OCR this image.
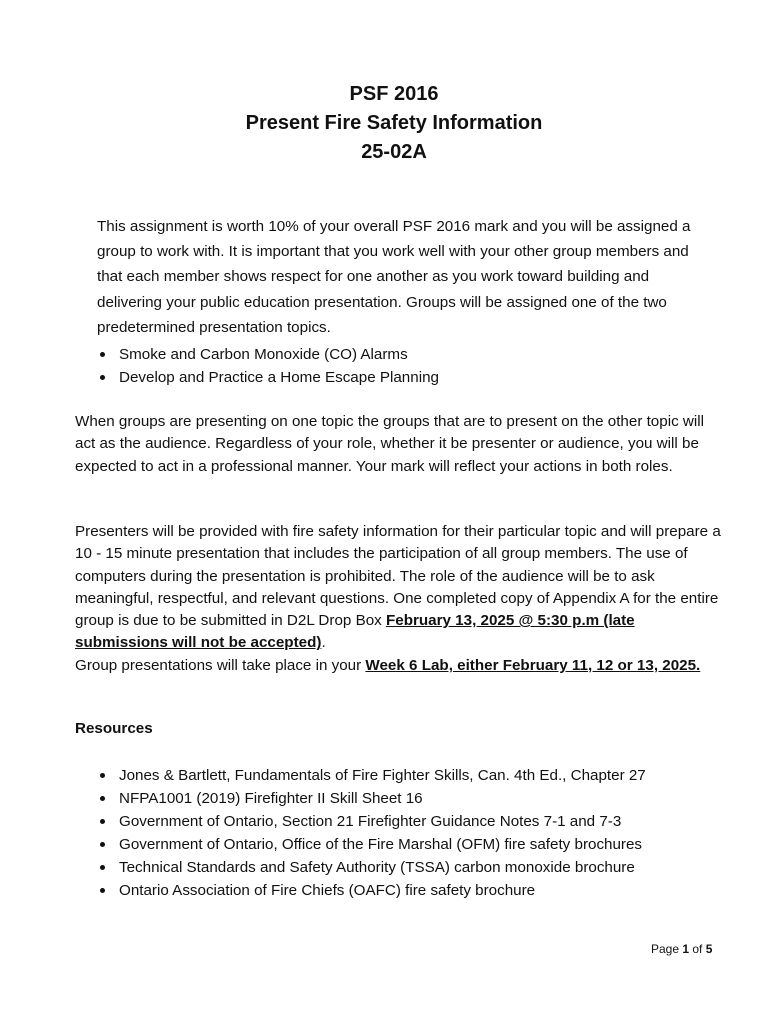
PSF 2016
Present Fire Safety Information
25-02A

This assignment is worth 10% of your overall PSF 2016 mark and you will be assigned a group to work with. It is important that you work well with your other group members and that each member shows respect for one another as you work toward building and delivering your public education presentation. Groups will be assigned one of the two predetermined presentation topics.

Smoke and Carbon Monoxide (CO) Alarms
Develop and Practice a Home Escape Planning

When groups are presenting on one topic the groups that are to present on the other topic will act as the audience. Regardless of your role, whether it be presenter or audience, you will be expected to act in a professional manner. Your mark will reflect your actions in both roles.

Presenters will be provided with fire safety information for their particular topic and will prepare a 10 - 15 minute presentation that includes the participation of all group members. The use of computers during the presentation is prohibited. The role of the audience will be to ask meaningful, respectful, and relevant questions. One completed copy of Appendix A for the entire group is due to be submitted in D2L Drop Box February 13, 2025 @ 5:30 p.m (late submissions will not be accepted).
Group presentations will take place in your Week 6 Lab, either February 11, 12 or 13, 2025.

Resources
Jones & Bartlett, Fundamentals of Fire Fighter Skills, Can. 4th Ed., Chapter 27
NFPA1001 (2019) Firefighter II Skill Sheet 16
Government of Ontario, Section 21 Firefighter Guidance Notes 7-1 and 7-3
Government of Ontario, Office of the Fire Marshal (OFM) fire safety brochures
Technical Standards and Safety Authority (TSSA) carbon monoxide brochure
Ontario Association of Fire Chiefs (OAFC) fire safety brochure
Page 1 of 5
